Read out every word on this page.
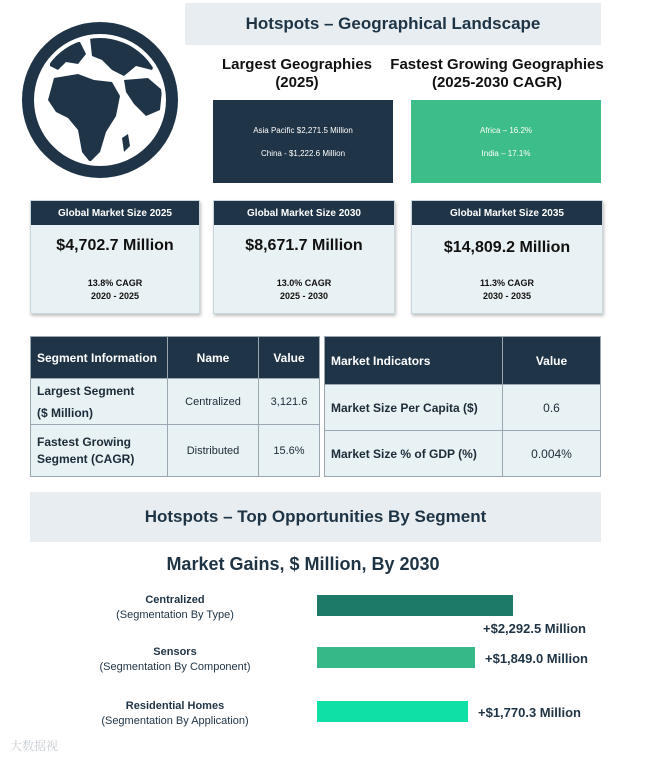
Hotspots – Geographical Landscape
Largest Geographies (2025)
Fastest Growing Geographies (2025-2030 CAGR)
Asia Pacific $2,271.5 Million
China - $1,222.6 Million
Africa – 16.2%
India – 17.1%
Global Market Size 2025
$4,702.7 Million
13.8% CAGR
2020 - 2025
Global Market Size 2030
$8,671.7 Million
13.0% CAGR
2025 - 2030
Global Market Size 2035
$14,809.2 Million
11.3% CAGR
2030 - 2035
Segment Information	Name	Value

Largest Segment
($ Million)	Centralized	3,121.6

Fastest Growing
Segment (CAGR)	Distributed	15.6%
Market Indicators	Value
Market Size Per Capita ($)	0.6
Market Size % of GDP (%)	0.004%
Hotspots – Top Opportunities By Segment
Market Gains, $ Million, By 2030
Centralized
(Segmentation By Type)
+$2,292.5 Million
Sensors
(Segmentation By Component)
+$1,849.0 Million
Residential Homes
(Segmentation By Application)
+$1,770.3 Million
大数据视
